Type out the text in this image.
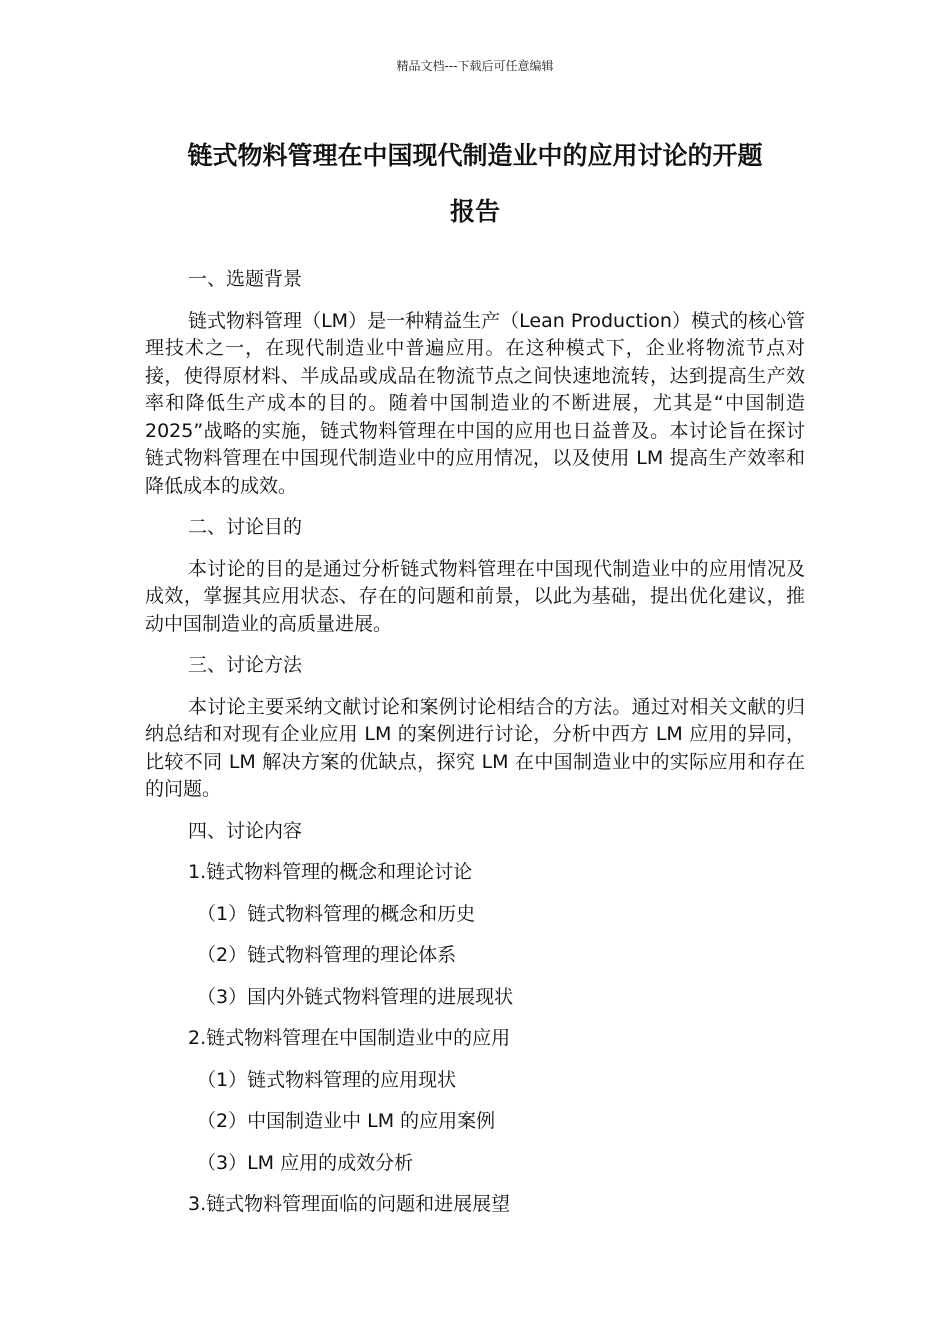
精品文档---下载后可任意编辑
链式物料管理在中国现代制造业中的应用讨论的开题
报告

一、选题背景

链式物料管理（LM）是一种精益生产（Lean Production）模式的核心管理技术之一，在现代制造业中普遍应用。在这种模式下，企业将物流节点对接，使得原材料、半成品或成品在物流节点之间快速地流转，达到提高生产效率和降低生产成本的目的。随着中国制造业的不断进展，尤其是“中国制造 2025”战略的实施，链式物料管理在中国的应用也日益普及。本讨论旨在探讨链式物料管理在中国现代制造业中的应用情况，以及使用 LM 提高生产效率和降低成本的成效。

二、讨论目的

本讨论的目的是通过分析链式物料管理在中国现代制造业中的应用情况及成效，掌握其应用状态、存在的问题和前景，以此为基础，提出优化建议，推动中国制造业的高质量进展。

三、讨论方法

本讨论主要采纳文献讨论和案例讨论相结合的方法。通过对相关文献的归纳总结和对现有企业应用 LM 的案例进行讨论，分析中西方 LM 应用的异同，比较不同 LM 解决方案的优缺点，探究 LM 在中国制造业中的实际应用和存在的问题。

四、讨论内容

1.链式物料管理的概念和理论讨论

（1）链式物料管理的概念和历史

（2）链式物料管理的理论体系

（3）国内外链式物料管理的进展现状

2.链式物料管理在中国制造业中的应用

（1）链式物料管理的应用现状

（2）中国制造业中 LM 的应用案例

（3）LM 应用的成效分析

3.链式物料管理面临的问题和进展展望
